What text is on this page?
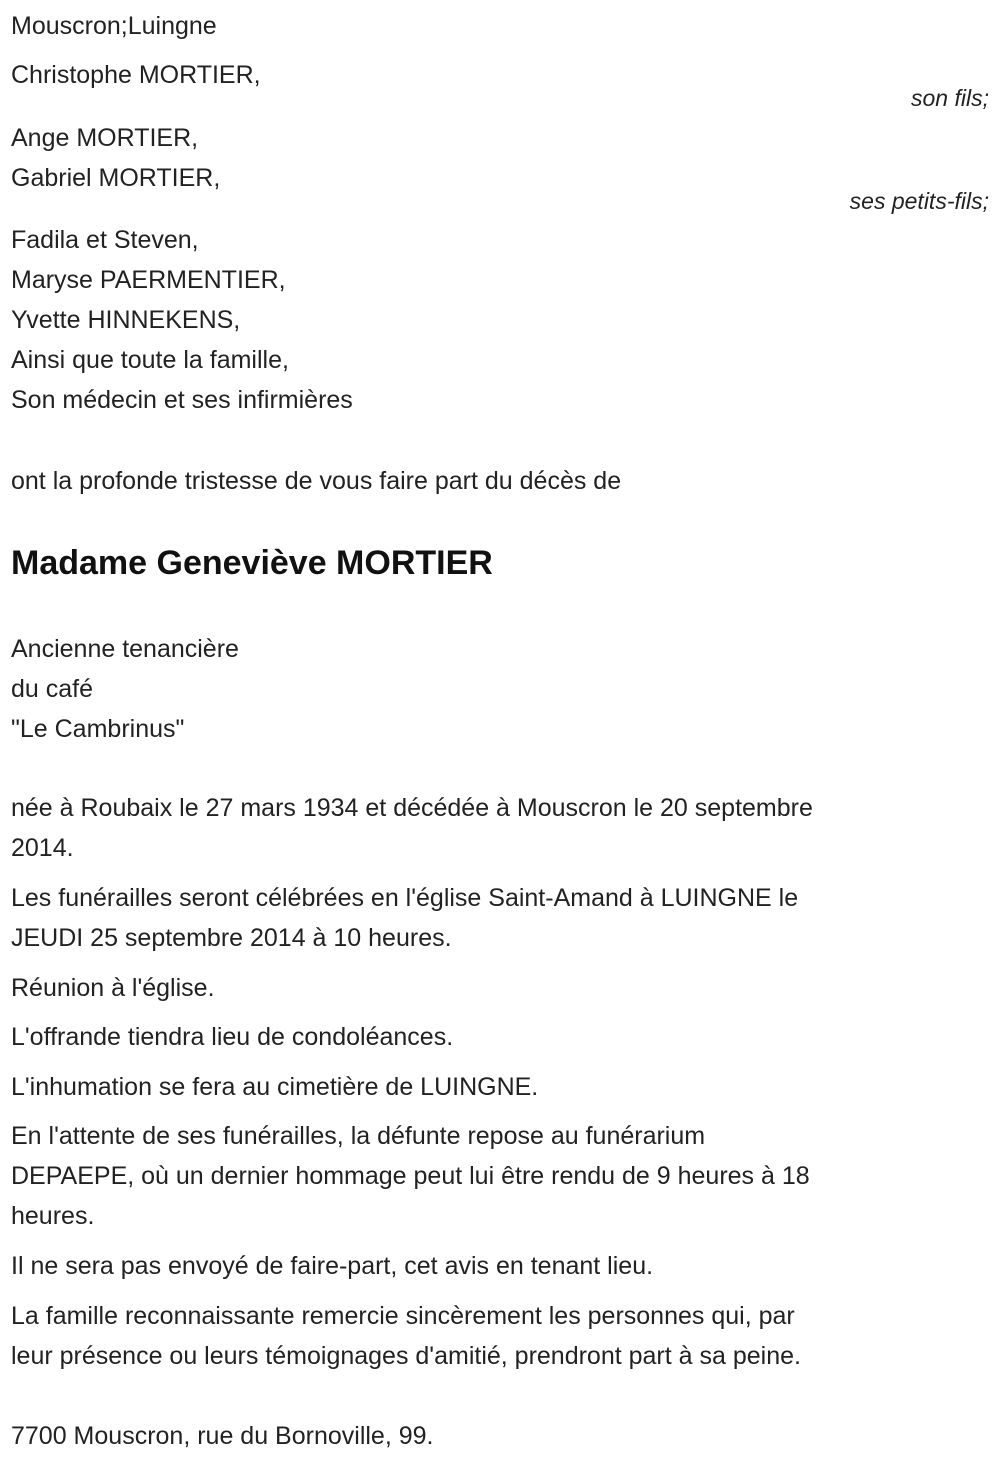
Mouscron;Luingne
Christophe MORTIER,
son fils;
Ange MORTIER,
Gabriel MORTIER,
ses petits-fils;
Fadila et Steven,
Maryse PAERMENTIER,
Yvette HINNEKENS,
Ainsi que toute la famille,
Son médecin et ses infirmières
ont la profonde tristesse de vous faire part du décès de
Madame Geneviève MORTIER
Ancienne tenancière
du café
"Le Cambrinus"
née à Roubaix le 27 mars 1934 et décédée à Mouscron le 20 septembre
2014.
Les funérailles seront célébrées en l'église Saint-Amand à LUINGNE le
JEUDI 25 septembre 2014 à 10 heures.
Réunion à l'église.
L'offrande tiendra lieu de condoléances.
L'inhumation se fera au cimetière de LUINGNE.
En l'attente de ses funérailles, la défunte repose au funérarium
DEPAEPE, où un dernier hommage peut lui être rendu de 9 heures à 18
heures.
Il ne sera pas envoyé de faire-part, cet avis en tenant lieu.
La famille reconnaissante remercie sincèrement les personnes qui, par
leur présence ou leurs témoignages d'amitié, prendront part à sa peine.
7700 Mouscron, rue du Bornoville, 99.
